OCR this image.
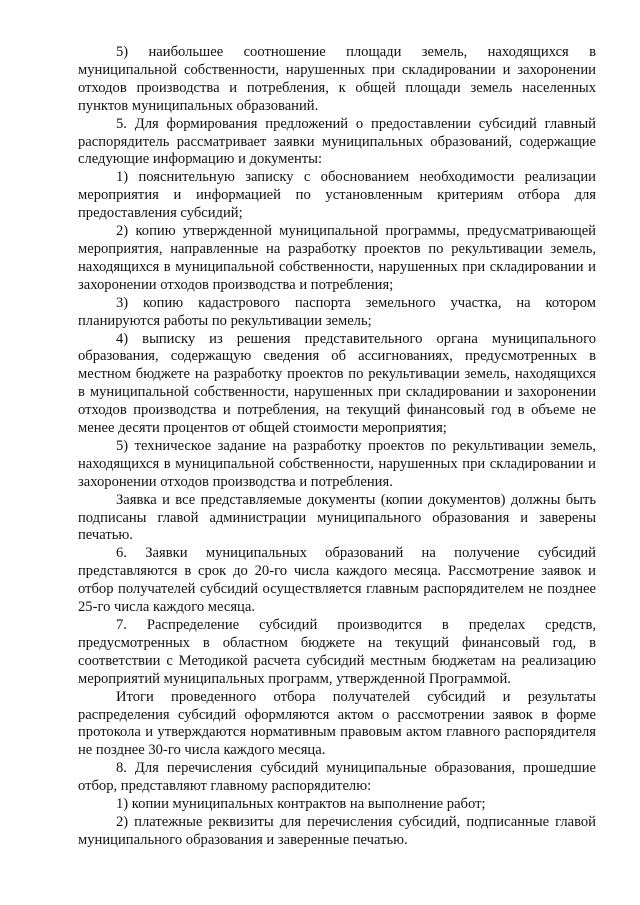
5) наибольшее соотношение площади земель, находящихся в муниципальной собственности, нарушенных при складировании и захоронении отходов производства и потребления, к общей площади земель населенных пунктов муниципальных образований.

5. Для формирования предложений о предоставлении субсидий главный распорядитель рассматривает заявки муниципальных образований, содержащие следующие информацию и документы:

1) пояснительную записку с обоснованием необходимости реализации мероприятия и информацией по установленным критериям отбора для предоставления субсидий;

2) копию утвержденной муниципальной программы, предусматривающей мероприятия, направленные на разработку проектов по рекультивации земель, находящихся в муниципальной собственности, нарушенных при складировании и захоронении отходов производства и потребления;

3) копию кадастрового паспорта земельного участка, на котором планируются работы по рекультивации земель;

4) выписку из решения представительного органа муниципального образования, содержащую сведения об ассигнованиях, предусмотренных в местном бюджете на разработку проектов по рекультивации земель, находящихся в муниципальной собственности, нарушенных при складировании и захоронении отходов производства и потребления, на текущий финансовый год в объеме не менее десяти процентов от общей стоимости мероприятия;

5) техническое задание на разработку проектов по рекультивации земель, находящихся в муниципальной собственности, нарушенных при складировании и захоронении отходов производства и потребления.

Заявка и все представляемые документы (копии документов) должны быть подписаны главой администрации муниципального образования и заверены печатью.

6. Заявки муниципальных образований на получение субсидий представляются в срок до 20-го числа каждого месяца. Рассмотрение заявок и отбор получателей субсидий осуществляется главным распорядителем не позднее 25-го числа каждого месяца.

7. Распределение субсидий производится в пределах средств, предусмотренных в областном бюджете на текущий финансовый год, в соответствии с Методикой расчета субсидий местным бюджетам на реализацию мероприятий муниципальных программ, утвержденной Программой.

Итоги проведенного отбора получателей субсидий и результаты распределения субсидий оформляются актом о рассмотрении заявок в форме протокола и утверждаются нормативным правовым актом главного распорядителя не позднее 30-го числа каждого месяца.

8. Для перечисления субсидий муниципальные образования, прошедшие отбор, представляют главному распорядителю:

1) копии муниципальных контрактов на выполнение работ;

2) платежные реквизиты для перечисления субсидий, подписанные главой муниципального образования и заверенные печатью.
